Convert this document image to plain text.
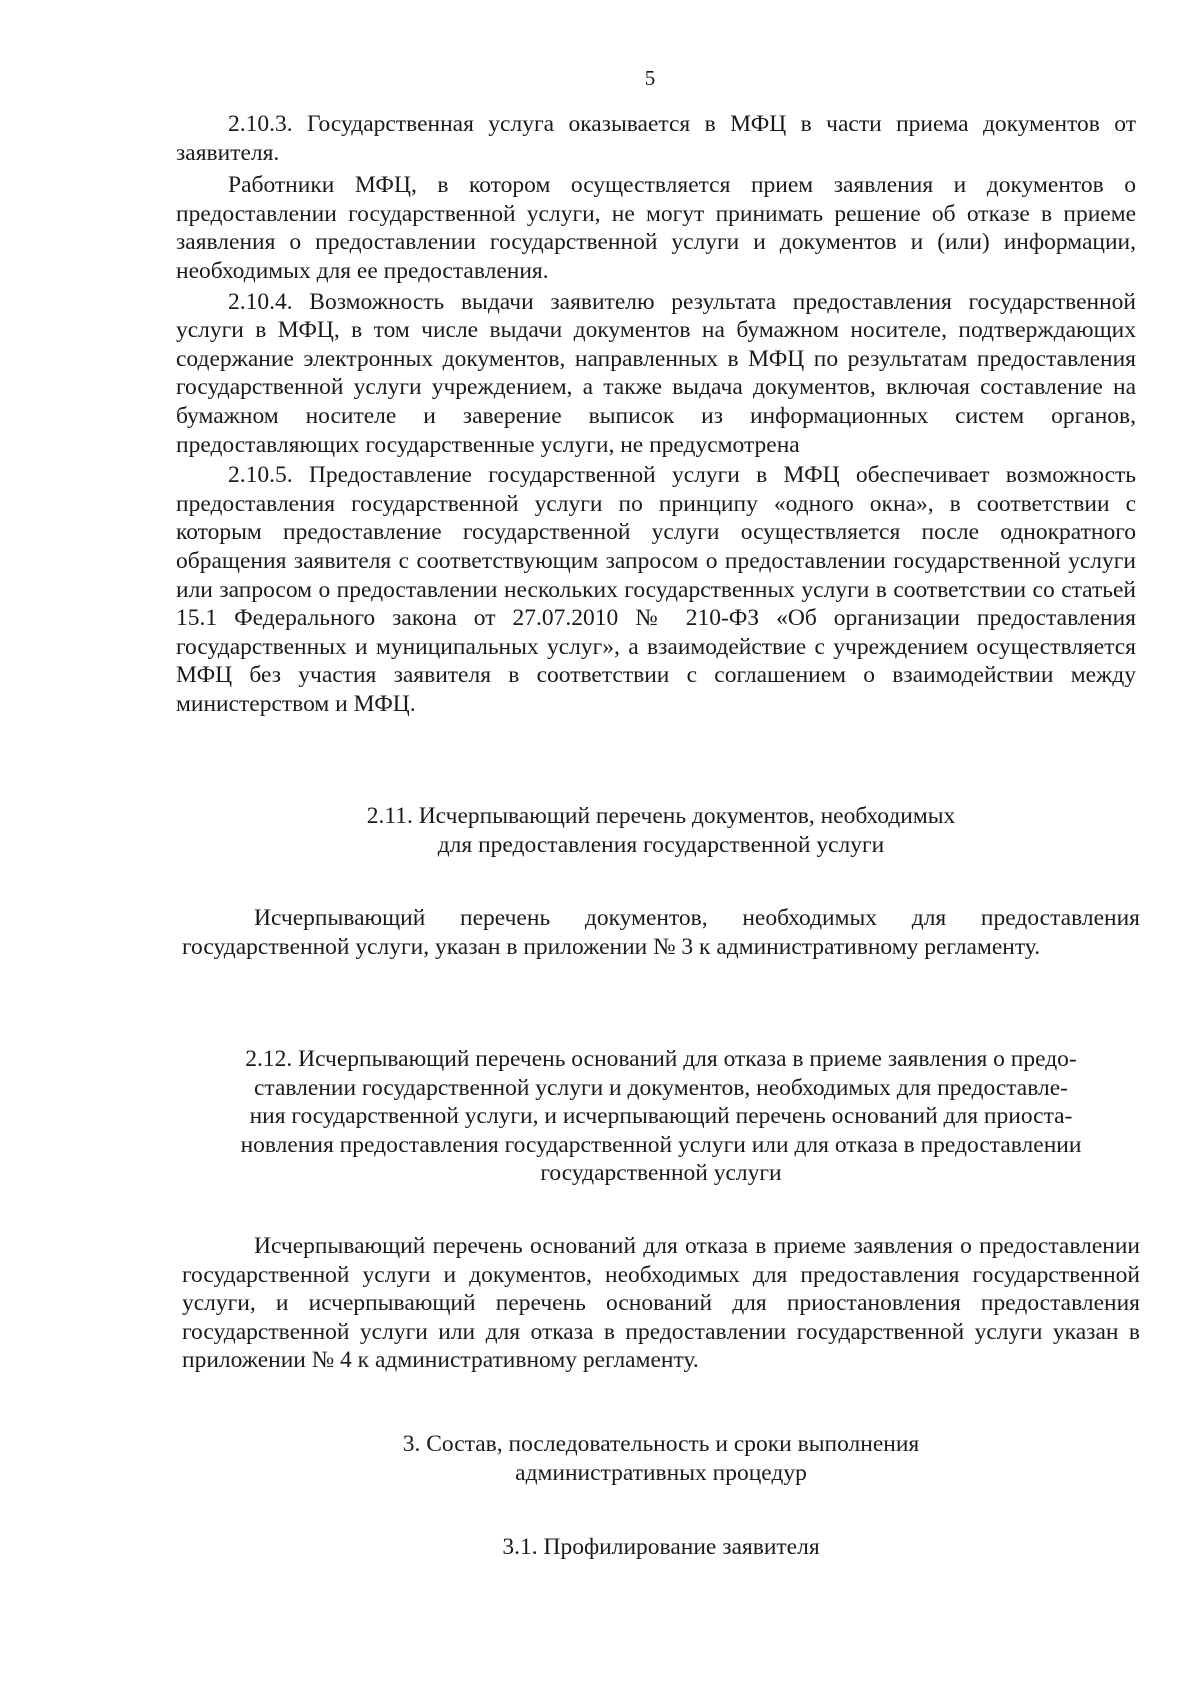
5

2.10.3. Государственная услуга оказывается в МФЦ в части приема документов от заявителя.

Работники МФЦ, в котором осуществляется прием заявления и документов о предоставлении государственной услуги, не могут принимать решение об отказе в приеме заявления о предоставлении государственной услуги и документов и (или) информации, необходимых для ее предоставления.

2.10.4. Возможность выдачи заявителю результата предоставления государственной услуги в МФЦ, в том числе выдачи документов на бумажном носителе, подтверждающих содержание электронных документов, направленных в МФЦ по результатам предоставления государственной услуги учреждением, а также выдача документов, включая составление на бумажном носителе и заверение выписок из информационных систем органов, предоставляющих государственные услуги, не предусмотрена

2.10.5. Предоставление государственной услуги в МФЦ обеспечивает возможность предоставления государственной услуги по принципу «одного окна», в соответствии с которым предоставление государственной услуги осуществляется после однократного обращения заявителя с соответствующим запросом о предоставлении государственной услуги или запросом о предоставлении нескольких государственных услуги в соответствии со статьей 15.1 Федерального закона от 27.07.2010 № 210-ФЗ «Об организации предоставления государственных и муниципальных услуг», а взаимодействие с учреждением осуществляется МФЦ без участия заявителя в соответствии с соглашением о взаимодействии между министерством и МФЦ.

2.11. Исчерпывающий перечень документов, необходимых

для предоставления государственной услуги

Исчерпывающий перечень документов, необходимых для предоставления государственной услуги, указан в приложении № 3 к административному регламенту.

2.12. Исчерпывающий перечень оснований для отказа в приеме заявления о предо-

ставлении государственной услуги и документов, необходимых для предоставле-

ния государственной услуги, и исчерпывающий перечень оснований для приоста-

новления предоставления государственной услуги или для отказа в предоставлении

государственной услуги

Исчерпывающий перечень оснований для отказа в приеме заявления о предоставлении государственной услуги и документов, необходимых для предоставления государственной услуги, и исчерпывающий перечень оснований для приостановления предоставления государственной услуги или для отказа в предоставлении государственной услуги указан в приложении № 4 к административному регламенту.

3. Состав, последовательность и сроки выполнения

административных процедур

3.1. Профилирование заявителя
